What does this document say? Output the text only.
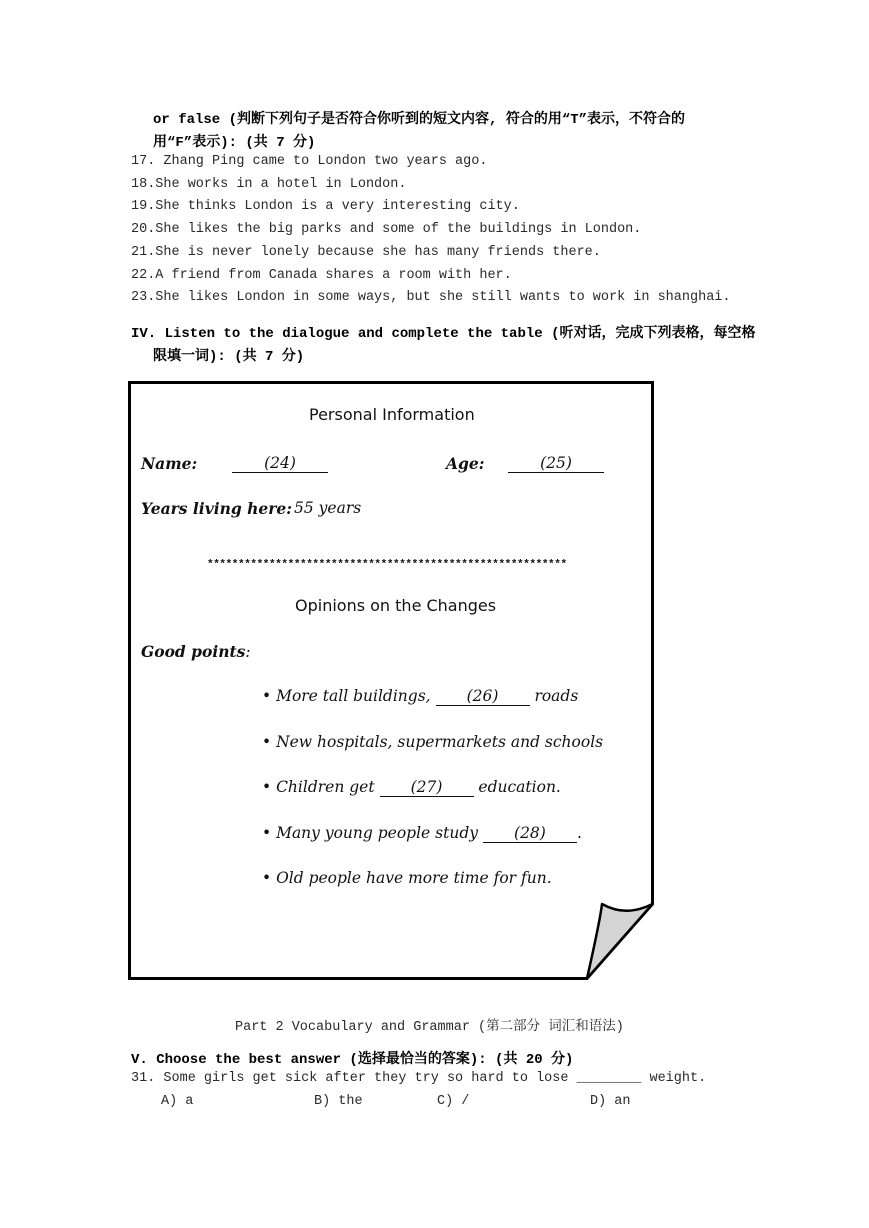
or false (判断下列句子是否符合你听到的短文内容, 符合的用“T”表示，不符合的
用“F”表示): (共 7 分)
17. Zhang Ping came to London two years ago.
18.She works in a hotel in London.
19.She thinks London is a very interesting city.
20.She likes the big parks and some of the buildings in London.
21.She is never lonely because she has many friends there.
22.A friend from Canada shares a room with her.
23.She likes London in some ways, but she still wants to work in shanghai.
IV. Listen to the dialogue and complete the table (听对话，完成下列表格，每空格
限填一词): (共 7 分)
Personal Information
Name:	(24)	Age:	(25)
Years living here: 55 years
**********************************************************
Opinions on the Changes
Good points:
• More tall buildings, (26) roads
• New hospitals, supermarkets and schools
• Children get (27) education.
• Many young people study (28) .
• Old people have more time for fun.
Part 2 Vocabulary and Grammar (第二部分 词汇和语法)
V. Choose the best answer (选择最恰当的答案): (共 20 分)
31. Some girls get sick after they try so hard to lose ________ weight.
A) a	B) the	C) /	D) an
